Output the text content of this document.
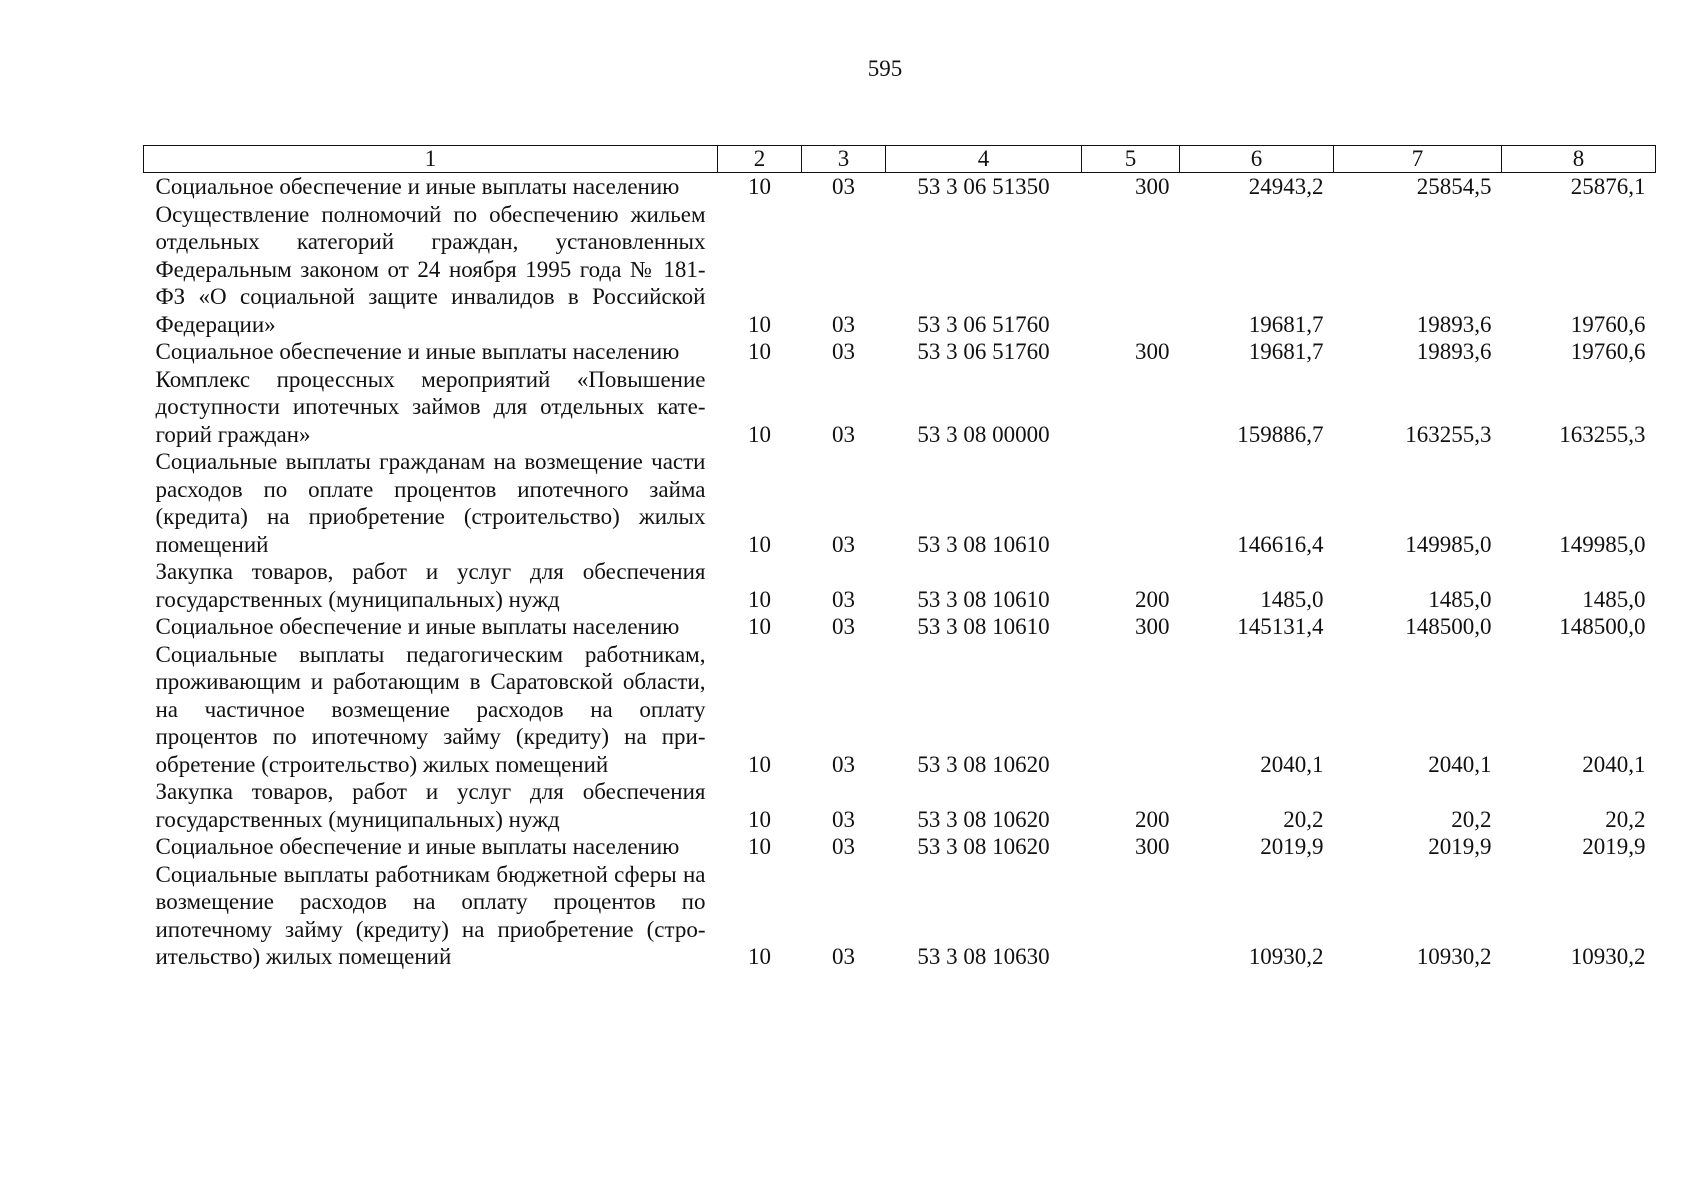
595
1	2	3	4	5	6	7	8
Социальное обеспечение и иные выплаты населению	10	03	53 3 06 51350	300	24943,2	25854,5	25876,1
Осуществление полномочий по обеспечению жильем отдельных категорий граждан, установленных Федеральным законом от 24 ноября 1995 года № 181-ФЗ «О социальной защите инвалидов в Российской Федерации»	10	03	53 3 06 51760		19681,7	19893,6	19760,6
Социальное обеспечение и иные выплаты населению	10	03	53 3 06 51760	300	19681,7	19893,6	19760,6
Комплекс процессных мероприятий «Повышение доступности ипотечных займов для отдельных категорий граждан»	10	03	53 3 08 00000		159886,7	163255,3	163255,3
Социальные выплаты гражданам на возмещение части расходов по оплате процентов ипотечного займа (кредита) на приобретение (строительство) жилых помещений	10	03	53 3 08 10610		146616,4	149985,0	149985,0
Закупка товаров, работ и услуг для обеспечения государственных (муниципальных) нужд	10	03	53 3 08 10610	200	1485,0	1485,0	1485,0
Социальное обеспечение и иные выплаты населению	10	03	53 3 08 10610	300	145131,4	148500,0	148500,0
Социальные выплаты педагогическим работникам, проживающим и работающим в Саратовской области, на частичное возмещение расходов на оплату процентов по ипотечному займу (кредиту) на приобретение (строительство) жилых помещений	10	03	53 3 08 10620		2040,1	2040,1	2040,1
Закупка товаров, работ и услуг для обеспечения государственных (муниципальных) нужд	10	03	53 3 08 10620	200	20,2	20,2	20,2
Социальное обеспечение и иные выплаты населению	10	03	53 3 08 10620	300	2019,9	2019,9	2019,9
Социальные выплаты работникам бюджетной сферы на возмещение расходов на оплату процентов по ипотечному займу (кредиту) на приобретение (строительство) жилых помещений	10	03	53 3 08 10630		10930,2	10930,2	10930,2
